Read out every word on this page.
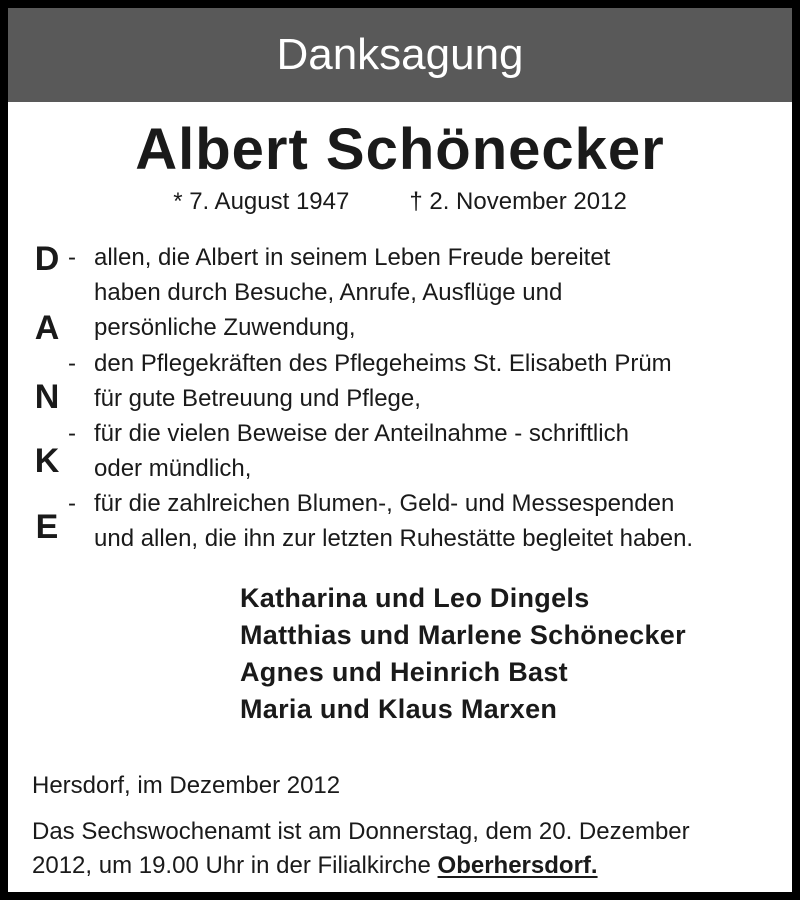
Danksagung
Albert Schönecker
* 7. August 1947	† 2. November 2012
D
A
N
K
E
-
-
-
-
allen, die Albert in seinem Leben Freude bereitet
haben durch Besuche, Anrufe, Ausflüge und
persönliche Zuwendung,
den Pflegekräften des Pflegeheims St. Elisabeth Prüm
für gute Betreuung und Pflege,
für die vielen Beweise der Anteilnahme - schriftlich
oder mündlich,
für die zahlreichen Blumen-, Geld- und Messespenden
und allen, die ihn zur letzten Ruhestätte begleitet haben.
Katharina und Leo Dingels
Matthias und Marlene Schönecker
Agnes und Heinrich Bast
Maria und Klaus Marxen
Hersdorf, im Dezember 2012
Das Sechswochenamt ist am Donnerstag, dem 20. Dezember
2012, um 19.00 Uhr in der Filialkirche Oberhersdorf.
